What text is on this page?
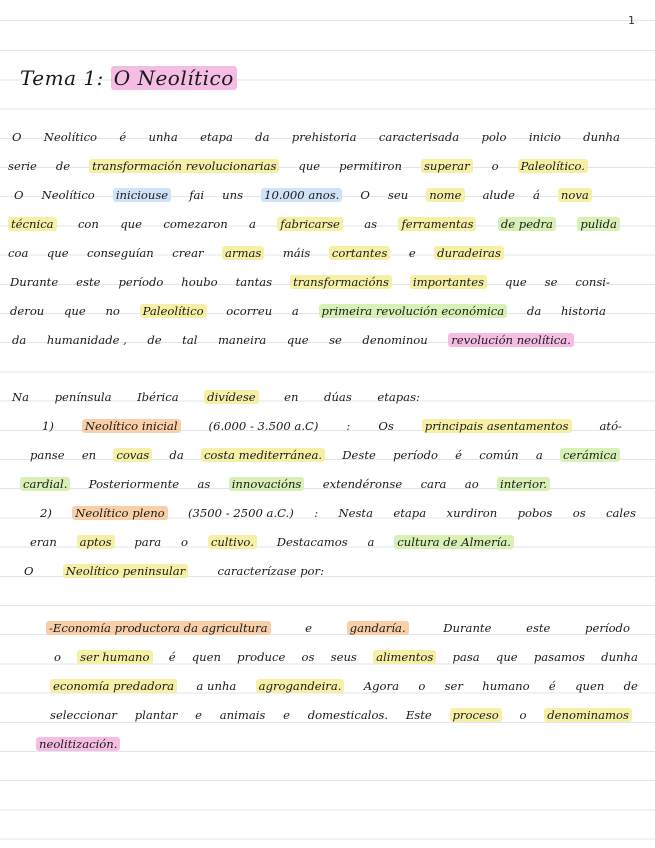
1
Tema 1: O Neolítico
O Neolítico é unha etapa da prehistoria caracterisada polo inicio dunha
serie de transformación revolucionarias que permitiron superar o Paleolítico.
O Neolítico iniciouse fai uns 10.000 anos. O seu nome alude á nova
técnica con que comezaron a fabricarse as ferramentas de pedra pulida
coa que conseguían crear armas máis cortantes e duradeiras
Durante este período houbo tantas transformacións importantes que se consi-
derou que no Paleolítico ocorreu a primeira revolución económica da historia
da humanidade , de tal maneira que se denominou revolución neolítica.
Na península Ibérica divídese en dúas etapas:
1)	Neolítico inicial	(6.000 - 3.500 a.C) : Os	principais asentamentos	ató-
panse en covas da costa mediterránea. Deste período é común a cerámica
cardial. Posteriormente as innovacións extendéronse cara ao interior.
2) Neolítico pleno (3500 - 2500 a.C.) : Nesta etapa xurdiron pobos os cales
eran aptos para o cultivo. Destacamos a cultura de Almería.
O	Neolítico peninsular	caracterízase por:
-Economía productora da agricultura	e	gandaría.	Durante	este	período
o ser humano é quen produce os seus alimentos pasa que pasamos dunha
economía predadora a unha agrogandeira. Agora o ser humano é quen de
seleccionar plantar e animais e domesticalos. Este proceso o denominamos
neolitización.
